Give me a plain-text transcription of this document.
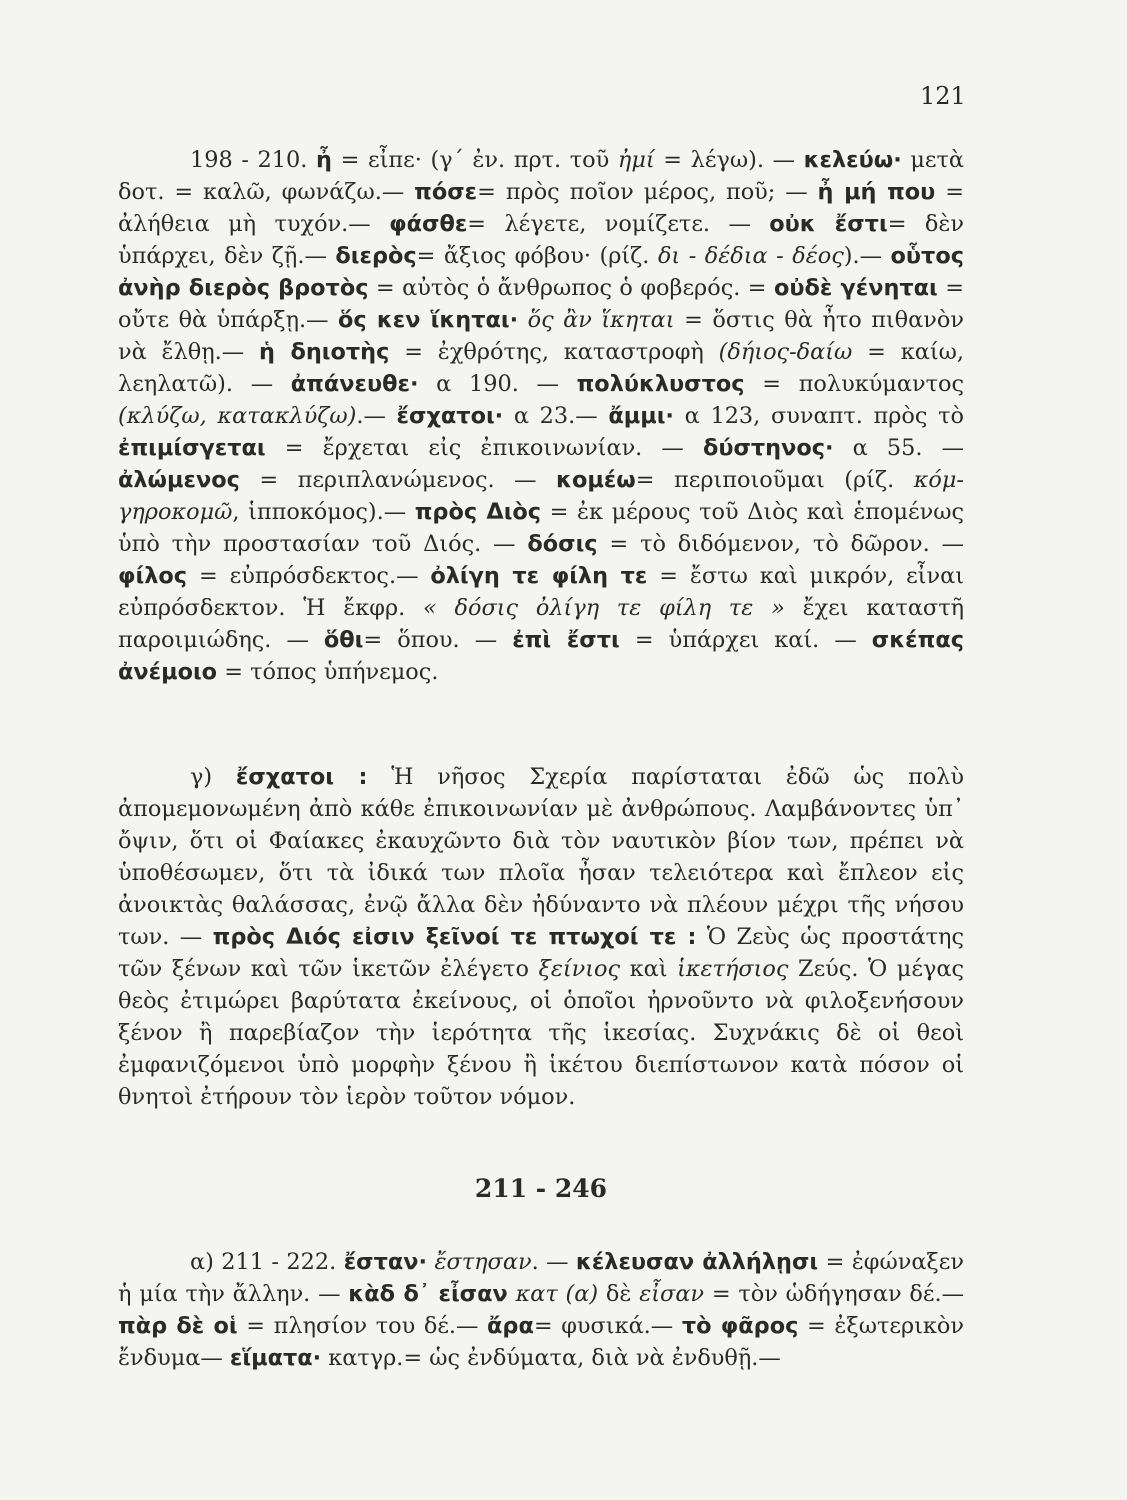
121

198 - 210. ἦ = εἶπε· (γ΄ ἐν. πρτ. τοῦ ἠμί = λέγω). — κελεύω· μετὰ δοτ. = καλῶ, φωνάζω.— πόσε= πρὸς ποῖον μέρος, ποῦ; — ἦ μή που = ἀλήθεια μὴ τυχόν.— φάσθε= λέγετε, νομίζετε. — οὐκ ἔστι= δὲν ὑπάρχει, δὲν ζῇ.— διερὸς= ἄξιος φόβου· (ρίζ. δι - δέδια - δέος).— οὗτος ἀνὴρ διερὸς βροτὸς = αὐτὸς ὁ ἄνθρωπος ὁ φοβερός. = οὐδὲ γένηται = οὔτε θὰ ὑπάρξῃ.— ὅς κεν ἵκηται· ὅς ἂν ἵκηται = ὅστις θὰ ἦτο πιθανὸν νὰ ἔλθῃ.— ἡ δηιοτὴς = ἐχθρότης, καταστροφὴ (δήιος-δαίω = καίω, λεηλατῶ). — ἀπάνευθε· α 190. — πολύκλυστος = πολυκύμαντος (κλύζω, κατακλύζω).— ἔσχατοι· α 23.— ἄμμι· α 123, συναπτ. πρὸς τὸ ἐπιμίσγεται = ἔρχεται εἰς ἐπικοινωνίαν. — δύστηνος· α 55. — ἀλώμενος = περιπλανώμενος. — κομέω= περιποιοῦμαι (ρίζ. κόμ-γηροκομῶ, ἱπποκόμος).— πρὸς Διὸς = ἐκ μέρους τοῦ Διὸς καὶ ἑπομένως ὑπὸ τὴν προστασίαν τοῦ Διός. — δόσις = τὸ διδόμενον, τὸ δῶρον. — φίλος = εὐπρόσδεκτος.— ὀλίγη τε φίλη τε = ἔστω καὶ μικρόν, εἶναι εὐπρόσδεκτον. Ἡ ἔκφρ. « δόσις ὀλίγη τε φίλη τε » ἔχει καταστῆ παροιμιώδης. — ὅθι= ὅπου. — ἐπὶ ἔστι = ὑπάρχει καί. — σκέπας ἀνέμοιο = τόπος ὑπήνεμος.

γ) ἔσχατοι : Ἡ νῆσος Σχερία παρίσταται ἐδῶ ὡς πολὺ ἀπομεμονωμένη ἀπὸ κάθε ἐπικοινωνίαν μὲ ἀνθρώπους. Λαμβάνοντες ὑπ᾽ ὄψιν, ὅτι οἱ Φαίακες ἐκαυχῶντο διὰ τὸν ναυτικὸν βίον των, πρέπει νὰ ὑποθέσωμεν, ὅτι τὰ ἰδικά των πλοῖα ἦσαν τελειότερα καὶ ἔπλεον εἰς ἀνοικτὰς θαλάσσας, ἐνῷ ἄλλα δὲν ἠδύναντο νὰ πλέουν μέχρι τῆς νήσου των. — πρὸς Διός εἰσιν ξεῖνοί τε πτωχοί τε : Ὁ Ζεὺς ὡς προστάτης τῶν ξένων καὶ τῶν ἱκετῶν ἐλέγετο ξείνιος καὶ ἱκετήσιος Ζεύς. Ὁ μέγας θεὸς ἐτιμώρει βαρύτατα ἐκείνους, οἱ ὁποῖοι ἠρνοῦντο νὰ φιλοξενήσουν ξένον ἢ παρεβίαζον τὴν ἱερότητα τῆς ἱκεσίας. Συχνάκις δὲ οἱ θεοὶ ἐμφανιζόμενοι ὑπὸ μορφὴν ξένου ἢ ἱκέτου διεπίστωνον κατὰ πόσον οἱ θνητοὶ ἐτήρουν τὸν ἱερὸν τοῦτον νόμον.

211 - 246

α) 211 - 222. ἔσταν· ἔστησαν. — κέλευσαν ἀλλήλῃσι = ἐφώναξεν ἡ μία τὴν ἄλλην. — κὰδ δ᾽ εἶσαν κατ (α) δὲ εἶσαν = τὸν ὡδήγησαν δέ.— πὰρ δὲ οἱ = πλησίον του δέ.— ἄρα= φυσικά.— τὸ φᾶρος = ἐξωτερικὸν ἔνδυμα— εἵματα· κατγρ.= ὡς ἐνδύματα, διὰ νὰ ἐνδυθῇ.—
